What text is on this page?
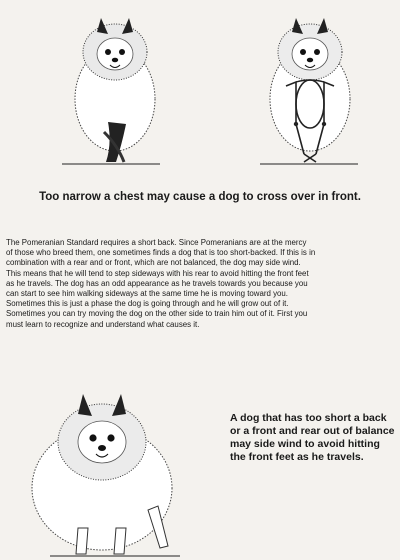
Too narrow a chest may cause a dog to cross over in front.

The Pomeranian Standard requires a short back. Since Pomeranians are at the mercy

of those who breed them, one sometimes finds a dog that is too short-backed. If this is in

combination with a rear and or front, which are not balanced, the dog may side wind.

This means that he will tend to step sideways with his rear to avoid hitting the front feet

as he travels. The dog has an odd appearance as he travels towards you because you

can start to see him walking sideways at the same time he is moving toward you.

Sometimes this is just a phase the dog is going through and he will grow out of it.

Sometimes you can try moving the dog on the other side to train him out of it. First you

must learn to recognize and understand what causes it.

A dog that has too short a back
or a front and rear out of balance
may side wind to avoid hitting
the front feet as he travels.
